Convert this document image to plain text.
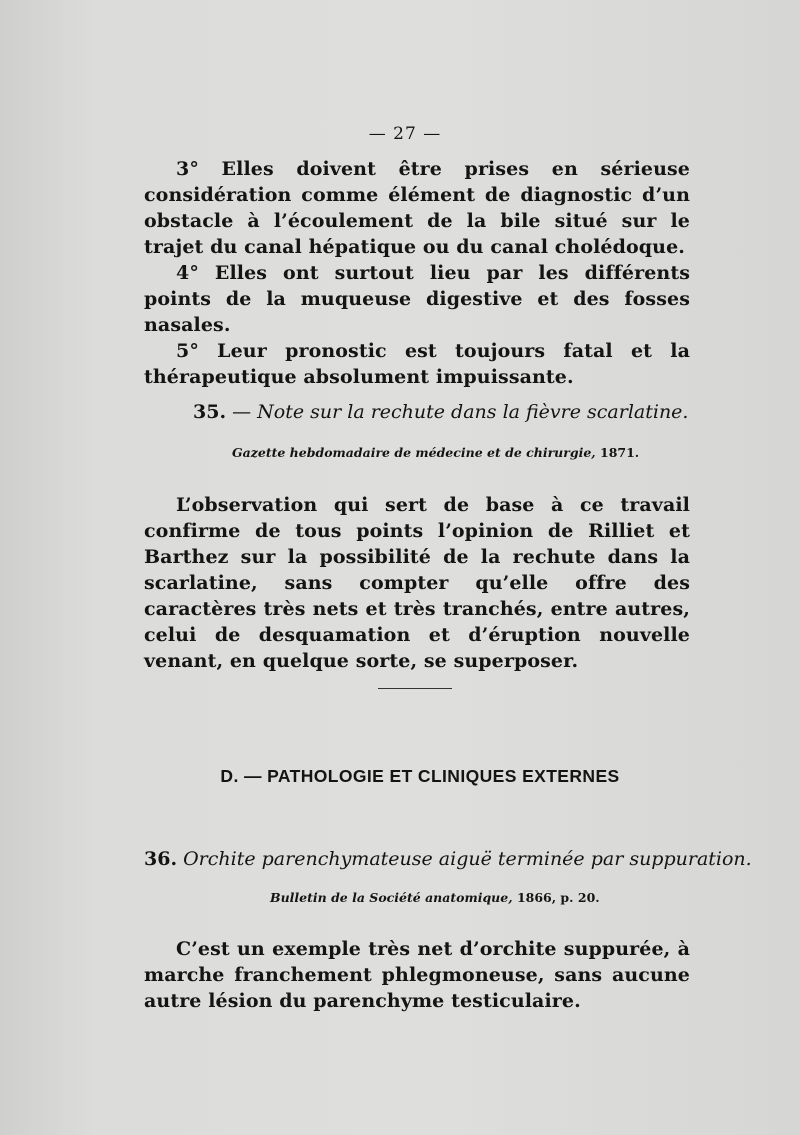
— 27 —

3° Elles doivent être prises en sérieuse considération comme élément de diagnostic d’un obstacle à l’écoulement de la bile situé sur le trajet du canal hépatique ou du canal cholédoque.

4° Elles ont surtout lieu par les différents points de la muqueuse digestive et des fosses nasales.

5° Leur pronostic est toujours fatal et la thérapeutique absolument impuissante.

35. — Note sur la rechute dans la fièvre scarlatine.

Gazette hebdomadaire de médecine et de chirurgie, 1871.

L’observation qui sert de base à ce travail confirme de tous points l’opinion de Rilliet et Barthez sur la possibilité de la rechute dans la scarlatine, sans compter qu’elle offre des caractères très nets et très tranchés, entre autres, celui de desquamation et d’éruption nouvelle venant, en quelque sorte, se superposer.

D. — PATHOLOGIE ET CLINIQUES EXTERNES

36. Orchite parenchymateuse aiguë terminée par suppuration.

Bulletin de la Société anatomique, 1866, p. 20.

C’est un exemple très net d’orchite suppurée, à marche franchement phlegmoneuse, sans aucune autre lésion du parenchyme testiculaire.
